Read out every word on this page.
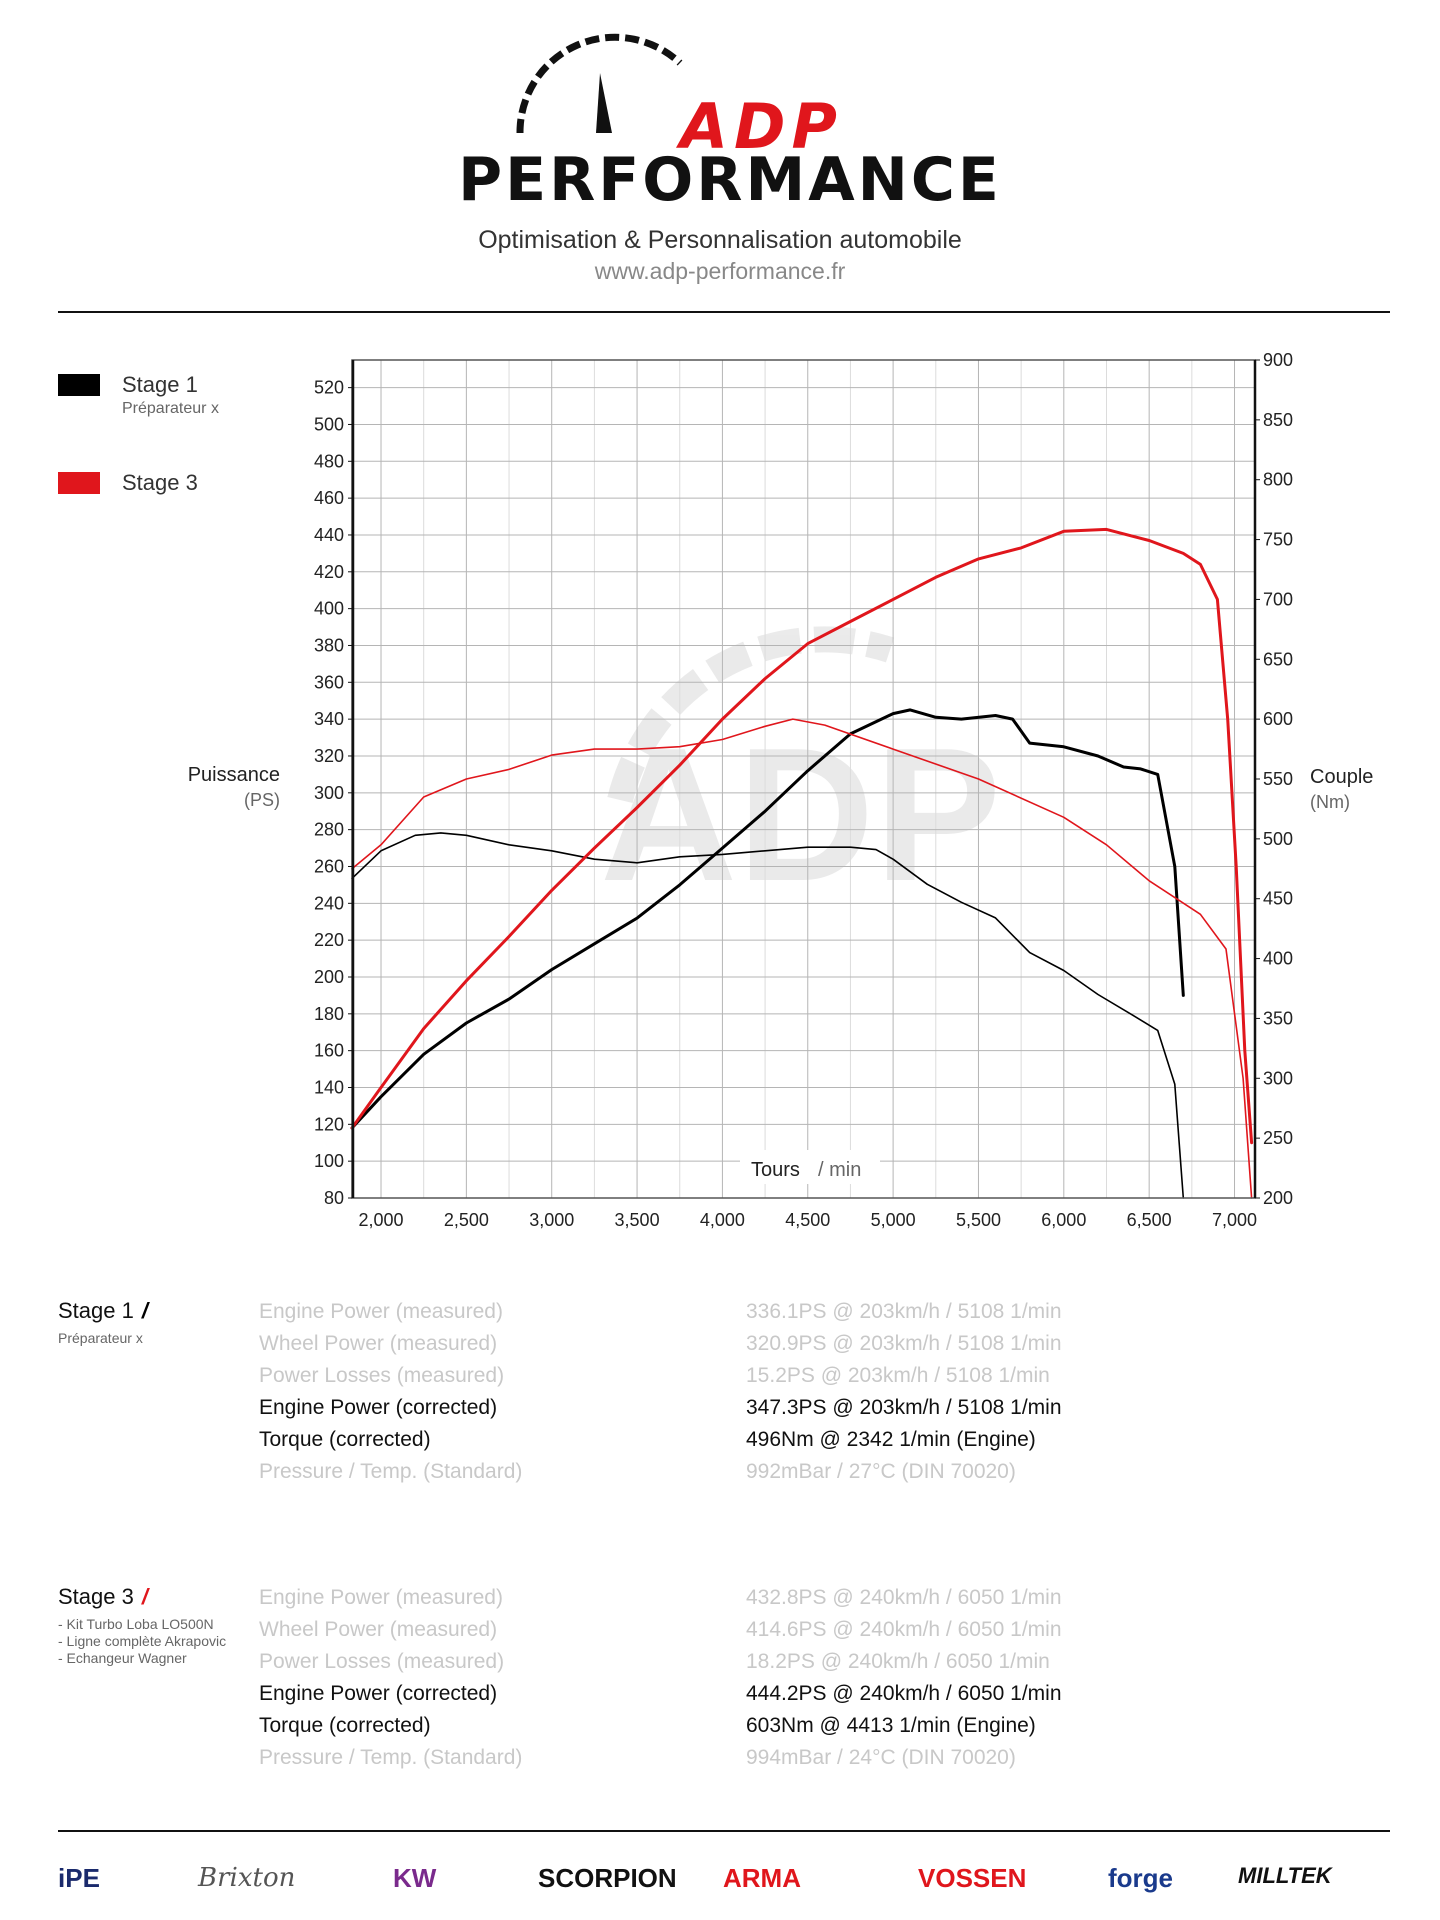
ADP
PERFORMANCE
Optimisation & Personnalisation automobile
www.adp-performance.fr
Stage 1
Préparateur x
Stage 3
Puissance
(PS)
Couple
(Nm)
ADP
80
100
120
140
160
180
200
220
240
260
280
300
320
340
360
380
400
420
440
460
480
500
520
200
250
300
350
400
450
500
550
600
650
700
750
800
850
900
2,000 2,500 3,000 3,500 4,000 4,500 5,000 5,500 6,000 6,500 7,000
Tours / min
Stage 1 /
Préparateur x
Engine Power (measured)	336.1PS @ 203km/h / 5108 1/min
Wheel Power (measured)	320.9PS @ 203km/h / 5108 1/min
Power Losses (measured)	15.2PS @ 203km/h / 5108 1/min
Engine Power (corrected)	347.3PS @ 203km/h / 5108 1/min
Torque (corrected)	496Nm @ 2342 1/min (Engine)
Pressure / Temp. (Standard)	992mBar / 27°C (DIN 70020)
Stage 3 /
- Kit Turbo Loba LO500N
- Ligne complète Akrapovic
- Echangeur Wagner
Engine Power (measured)	432.8PS @ 240km/h / 6050 1/min
Wheel Power (measured)	414.6PS @ 240km/h / 6050 1/min
Power Losses (measured)	18.2PS @ 240km/h / 6050 1/min
Engine Power (corrected)	444.2PS @ 240km/h / 6050 1/min
Torque (corrected)	603Nm @ 4413 1/min (Engine)
Pressure / Temp. (Standard)	994mBar / 24°C (DIN 70020)
iPE	Brixton	KW	SCORPION ARMA	VOSSEN	forge	MILLTEK
